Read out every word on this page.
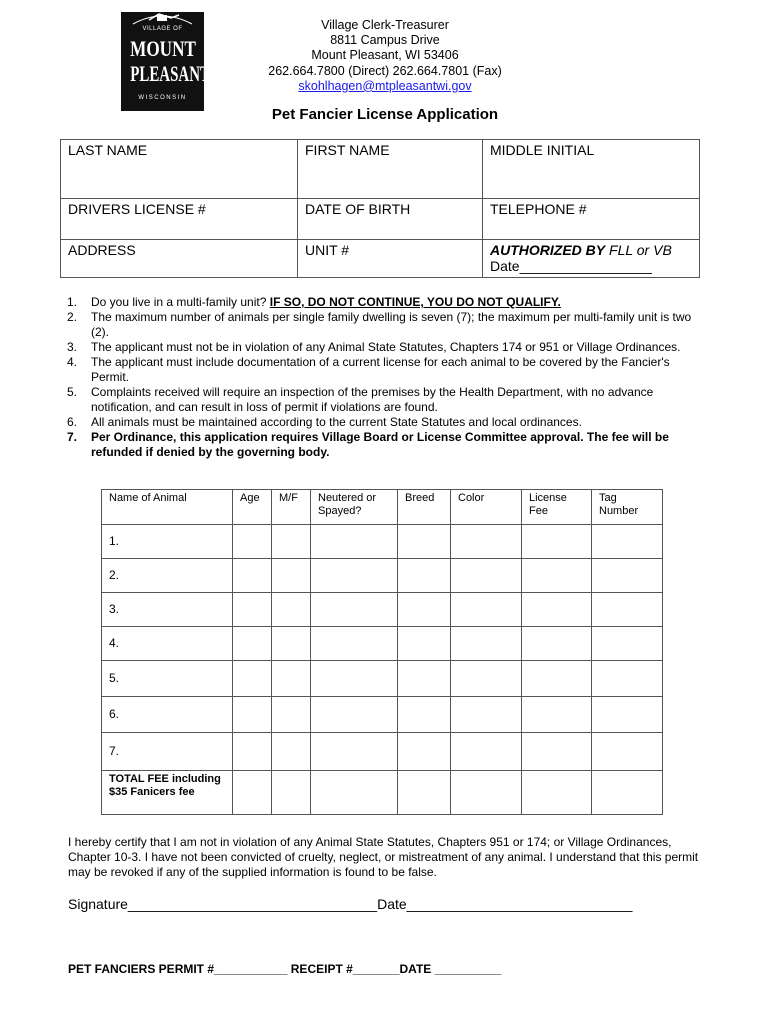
VILLAGE OF
MOUNT
PLEASANT
WISCONSIN
Village Clerk-Treasurer
8811 Campus Drive
Mount Pleasant, WI 53406
262.664.7800 (Direct) 262.664.7801 (Fax)
skohlhagen@mtpleasantwi.gov
Pet Fancier License Application
LAST NAME	FIRST NAME	MIDDLE INITIAL
DRIVERS LICENSE #	DATE OF BIRTH	TELEPHONE #
ADDRESS	UNIT #	AUTHORIZED BY FLL or VB
Date_________________
1. Do you live in a multi-family unit? IF SO, DO NOT CONTINUE, YOU DO NOT QUALIFY.
2. The maximum number of animals per single family dwelling is seven (7); the maximum per multi-family unit is two (2).
3. The applicant must not be in violation of any Animal State Statutes, Chapters 174 or 951 or Village Ordinances.
4. The applicant must include documentation of a current license for each animal to be covered by the Fancier's Permit.
5. Complaints received will require an inspection of the premises by the Health Department, with no advance notification, and can result in loss of permit if violations are found.
6. All animals must be maintained according to the current State Statutes and local ordinances.
7. Per Ordinance, this application requires Village Board or License Committee approval. The fee will be refunded if denied by the governing body.
Name of Animal	Age	M/F	Neutered or Spayed?	Breed	Color	License Fee	Tag Number
1.							
2.							
3.							
4.							
5.							
6.							
7.							
TOTAL FEE including $35 Fanicers fee							
I hereby certify that I am not in violation of any Animal State Statutes, Chapters 951 or 174; or Village Ordinances, Chapter 10-3. I have not been convicted of cruelty, neglect, or mistreatment of any animal. I understand that this permit may be revoked if any of the supplied information is found to be false.
Signature________________________________Date_____________________________
PET FANCIERS PERMIT #___________ RECEIPT #_______DATE __________
